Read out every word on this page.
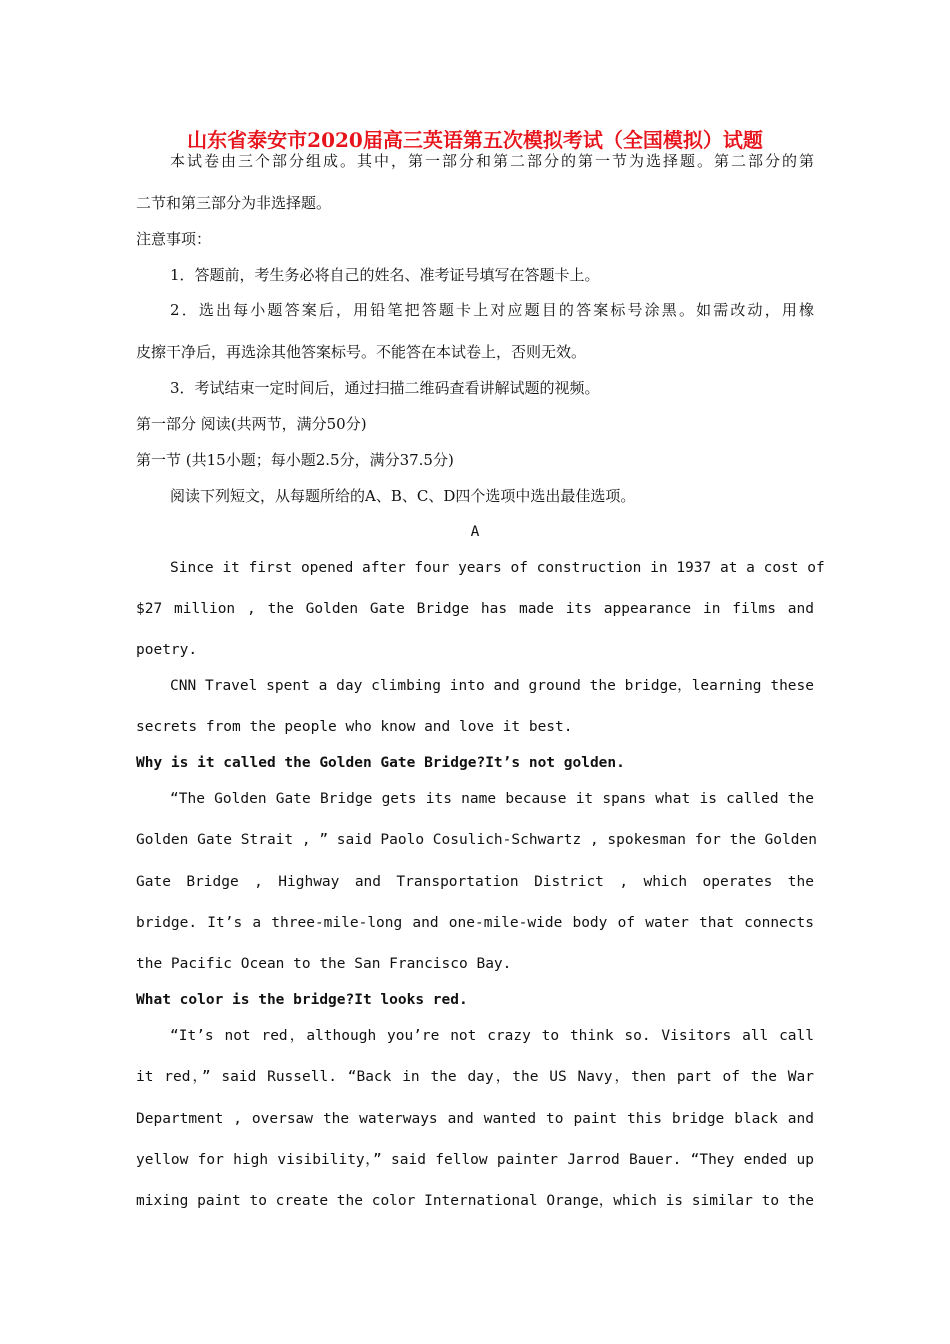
山东省泰安市2020届高三英语第五次模拟考试（全国模拟）试题

本试卷由三个部分组成。其中，第一部分和第二部分的第一节为选择题。第二部分的第

二节和第三部分为非选择题。

注意事项：

1．答题前，考生务必将自己的姓名、准考证号填写在答题卡上。

2．选出每小题答案后，用铅笔把答题卡上对应题目的答案标号涂黑。如需改动，用橡

皮擦干净后，再选涂其他答案标号。不能答在本试卷上，否则无效。

3．考试结束一定时间后，通过扫描二维码查看讲解试题的视频。

第一部分 阅读(共两节，满分50分)

第一节 (共15小题；每小题2.5分，满分37.5分)

阅读下列短文，从每题所给的A、B、C、D四个选项中选出最佳选项。

A

Since it first opened after four years of construction in 1937 at a cost of

$27 million , the Golden Gate Bridge has made its appearance in films and

poetry.

CNN Travel spent a day climbing into and ground the bridge，learning these

secrets from the people who know and love it best.

Why is it called the Golden Gate Bridge?It’s not golden.

“The Golden Gate Bridge gets its name because it spans what is called the

Golden Gate Strait , ” said Paolo Cosulich-Schwartz , spokesman for the Golden

Gate Bridge , Highway and Transportation District , which operates the

bridge. It’s a three-mile-long and one-mile-wide body of water that connects

the Pacific Ocean to the San Francisco Bay.

What color is the bridge?It looks red.

“It’s not red，although you’re not crazy to think so. Visitors all call

it red，” said Russell. “Back in the day，the US Navy，then part of the War

Department , oversaw the waterways and wanted to paint this bridge black and

yellow for high visibility，” said fellow painter Jarrod Bauer. “They ended up

mixing paint to create the color International Orange，which is similar to the
